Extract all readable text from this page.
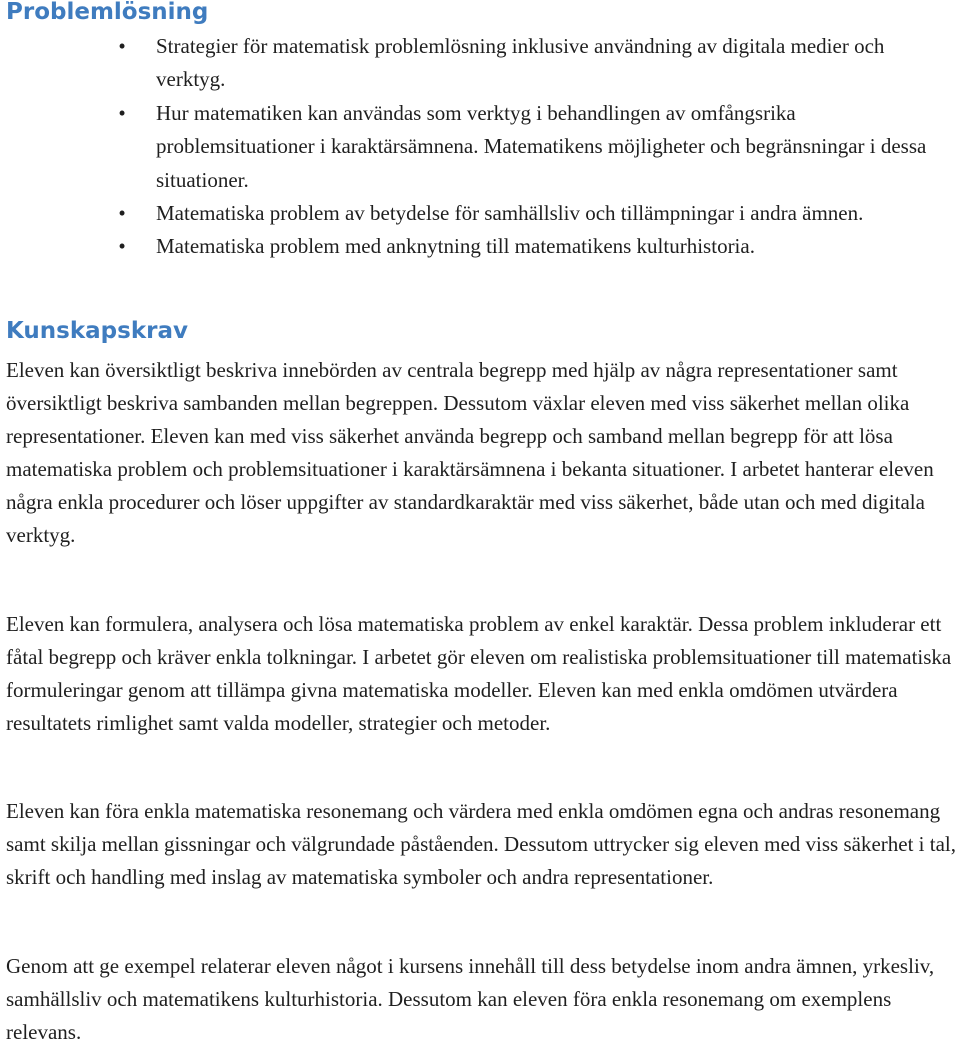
Problemlösning
• Strategier för matematisk problemlösning inklusive användning av digitala medier och verktyg.
• Hur matematiken kan användas som verktyg i behandlingen av omfångsrika problemsituationer i karaktärsämnena. Matematikens möjligheter och begränsningar i dessa situationer.
• Matematiska problem av betydelse för samhällsliv och tillämpningar i andra ämnen.
• Matematiska problem med anknytning till matematikens kulturhistoria.
Kunskapskrav

Eleven kan översiktligt beskriva innebörden av centrala begrepp med hjälp av några representationer samt översiktligt beskriva sambanden mellan begreppen. Dessutom växlar eleven med viss säkerhet mellan olika representationer. Eleven kan med viss säkerhet använda begrepp och samband mellan begrepp för att lösa matematiska problem och problemsituationer i karaktärsämnena i bekanta situationer. I arbetet hanterar eleven några enkla procedurer och löser uppgifter av standardkaraktär med viss säkerhet, både utan och med digitala verktyg.

Eleven kan formulera, analysera och lösa matematiska problem av enkel karaktär. Dessa problem inkluderar ett fåtal begrepp och kräver enkla tolkningar. I arbetet gör eleven om realistiska problemsituationer till matematiska formuleringar genom att tillämpa givna matematiska modeller. Eleven kan med enkla omdömen utvärdera resultatets rimlighet samt valda modeller, strategier och metoder.

Eleven kan föra enkla matematiska resonemang och värdera med enkla omdömen egna och andras resonemang samt skilja mellan gissningar och välgrundade påståenden. Dessutom uttrycker sig eleven med viss säkerhet i tal, skrift och handling med inslag av matematiska symboler och andra representationer.

Genom att ge exempel relaterar eleven något i kursens innehåll till dess betydelse inom andra ämnen, yrkesliv, samhällsliv och matematikens kulturhistoria. Dessutom kan eleven föra enkla resonemang om exemplens relevans.
